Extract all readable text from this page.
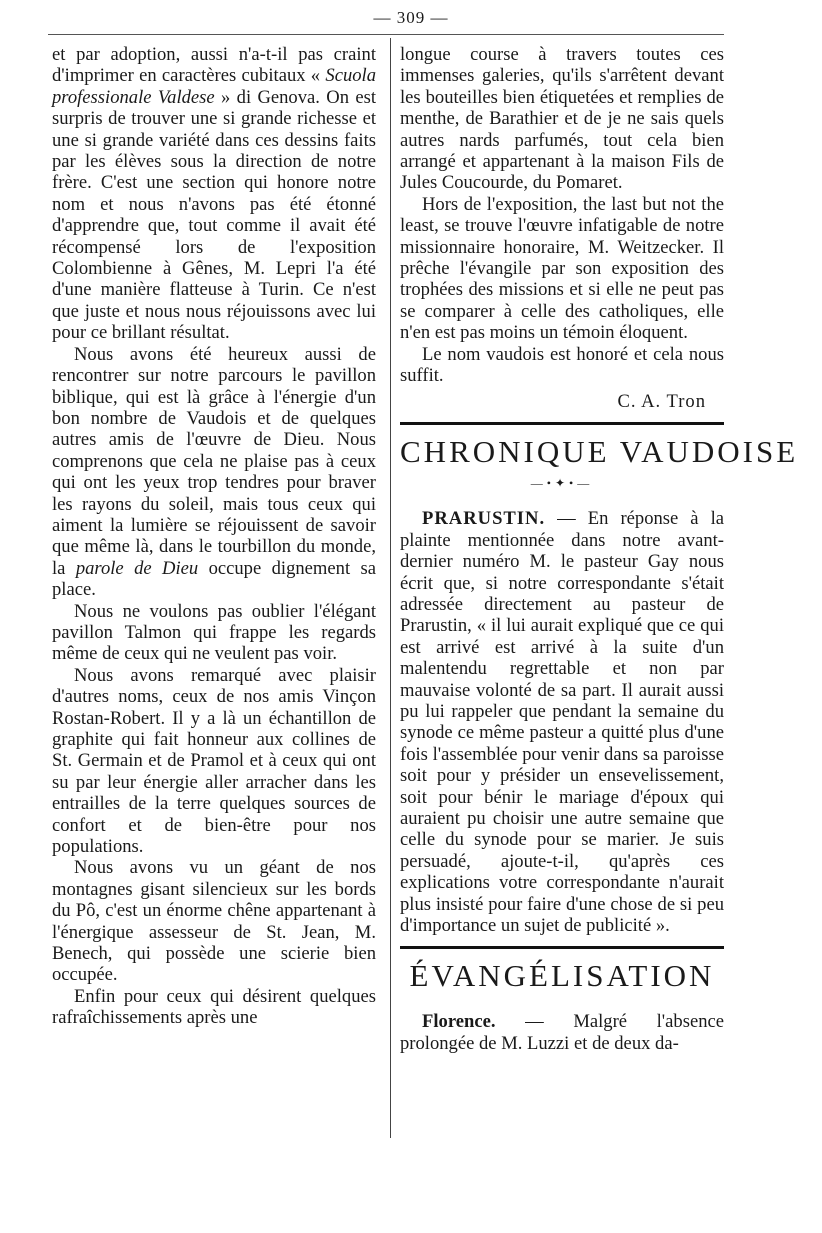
— 309 —

et par adoption, aussi n'a-t-il pas craint d'imprimer en caractères cubitaux « Scuola professionale Valdese » di Genova. On est surpris de trouver une si grande richesse et une si grande variété dans ces dessins faits par les élèves sous la direction de notre frère. C'est une section qui honore notre nom et nous n'avons pas été étonné d'apprendre que, tout comme il avait été récompensé lors de l'exposition Colombienne à Gênes, M. Lepri l'a été d'une manière flatteuse à Turin. Ce n'est que juste et nous nous réjouissons avec lui pour ce brillant résultat.

Nous avons été heureux aussi de rencontrer sur notre parcours le pavillon biblique, qui est là grâce à l'énergie d'un bon nombre de Vaudois et de quelques autres amis de l'œuvre de Dieu. Nous comprenons que cela ne plaise pas à ceux qui ont les yeux trop tendres pour braver les rayons du soleil, mais tous ceux qui aiment la lumière se réjouissent de savoir que même là, dans le tourbillon du monde, la parole de Dieu occupe dignement sa place.

Nous ne voulons pas oublier l'élégant pavillon Talmon qui frappe les regards même de ceux qui ne veulent pas voir.

Nous avons remarqué avec plaisir d'autres noms, ceux de nos amis Vinçon Rostan-Robert. Il y a là un échantillon de graphite qui fait honneur aux collines de St. Germain et de Pramol et à ceux qui ont su par leur énergie aller arracher dans les entrailles de la terre quelques sources de confort et de bien-être pour nos populations.

Nous avons vu un géant de nos montagnes gisant silencieux sur les bords du Pô, c'est un énorme chêne appartenant à l'énergique assesseur de St. Jean, M. Benech, qui possède une scierie bien occupée.

Enfin pour ceux qui désirent quelques rafraîchissements après une

longue course à travers toutes ces immenses galeries, qu'ils s'arrêtent devant les bouteilles bien étiquetées et remplies de menthe, de Barathier et de je ne sais quels autres nards parfumés, tout cela bien arrangé et appartenant à la maison Fils de Jules Coucourde, du Pomaret.

Hors de l'exposition, the last but not the least, se trouve l'œuvre infatigable de notre missionnaire honoraire, M. Weitzecker. Il prêche l'évangile par son exposition des trophées des missions et si elle ne peut pas se comparer à celle des catholiques, elle n'en est pas moins un témoin éloquent.

Le nom vaudois est honoré et cela nous suffit.

C. A. Tron
CHRONIQUE VAUDOISE
—•✦•—

PRARUSTIN. — En réponse à la plainte mentionnée dans notre avant-dernier numéro M. le pasteur Gay nous écrit que, si notre correspondante s'était adressée directement au pasteur de Prarustin, « il lui aurait expliqué que ce qui est arrivé est arrivé à la suite d'un malentendu regrettable et non par mauvaise volonté de sa part. Il aurait aussi pu lui rappeler que pendant la semaine du synode ce même pasteur a quitté plus d'une fois l'assemblée pour venir dans sa paroisse soit pour y présider un ensevelissement, soit pour bénir le mariage d'époux qui auraient pu choisir une autre semaine que celle du synode pour se marier. Je suis persuadé, ajoute-t-il, qu'après ces explications votre correspondante n'aurait plus insisté pour faire d'une chose de si peu d'importance un sujet de publicité ».

ÉVANGÉLISATION

Florence. — Malgré l'absence prolongée de M. Luzzi et de deux da-
